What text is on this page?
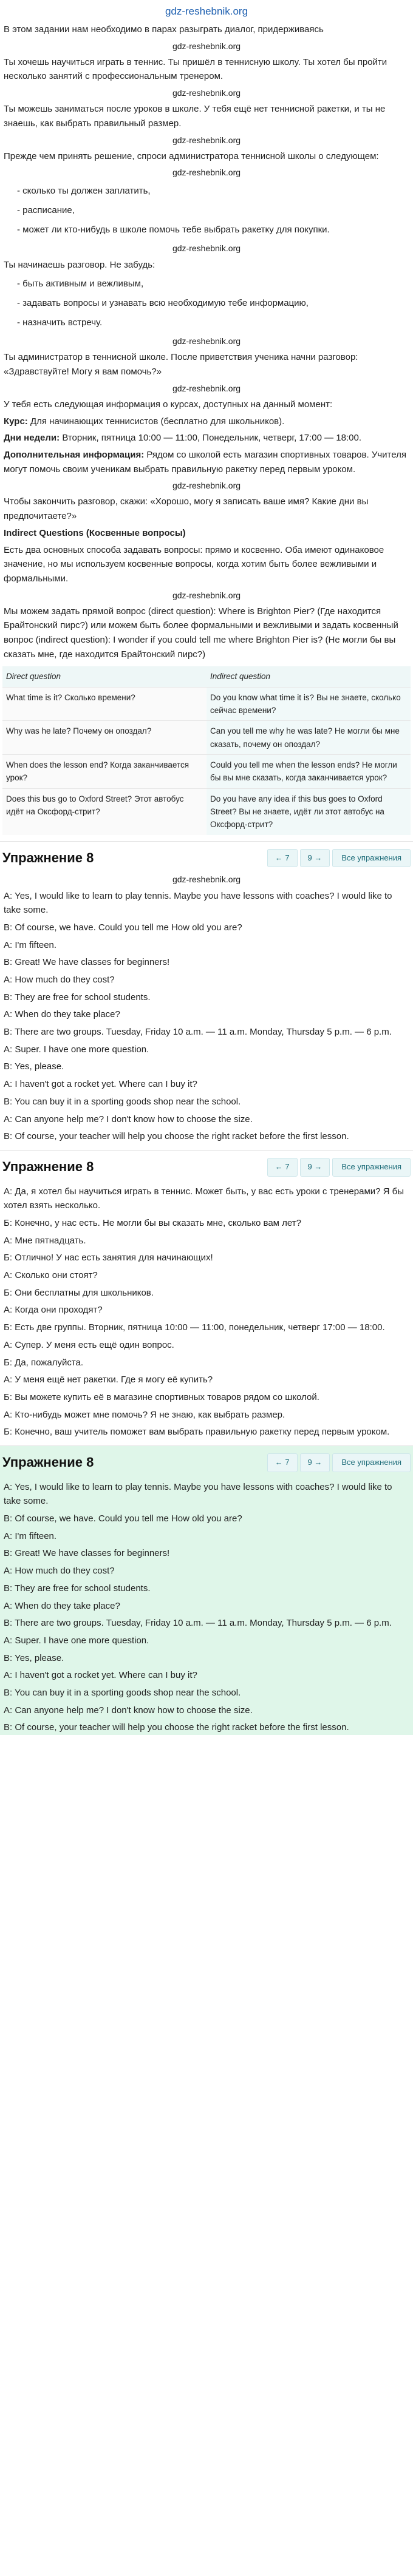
gdz-reshebnik.org

В этом задании нам необходимо в парах разыграть диалог, придерживаясь

gdz-reshebnik.org

Ты хочешь научиться играть в теннис. Ты пришёл в теннисную школу. Ты хотел бы пройти несколько занятий с профессиональным тренером.

gdz-reshebnik.org

Ты можешь заниматься после уроков в школе. У тебя ещё нет теннисной ракетки, и ты не знаешь, как выбрать правильный размер.

gdz-reshebnik.org

Прежде чем принять решение, спроси администратора теннисной школы о следующем:

gdz-reshebnik.org
- сколько ты должен заплатить,
- расписание,
- может ли кто-нибудь в школе помочь тебе выбрать ракетку для покупки.
gdz-reshebnik.org

Ты начинаешь разговор. Не забудь:

- быть активным и вежливым,
- задавать вопросы и узнавать всю необходимую тебе информацию,
- назначить встречу.
gdz-reshebnik.org

Ты администратор в теннисной школе. После приветствия ученика начни разговор: «Здравствуйте! Могу я вам помочь?»

gdz-reshebnik.org

У тебя есть следующая информация о курсах, доступных на данный момент:

Курс: Для начинающих теннисистов (бесплатно для школьников).

Дни недели: Вторник, пятница 10:00 — 11:00, Понедельник, четверг, 17:00 — 18:00.

Дополнительная информация: Рядом со школой есть магазин спортивных товаров. Учителя могут помочь своим ученикам выбрать правильную ракетку перед первым уроком.

gdz-reshebnik.org

Чтобы закончить разговор, скажи: «Хорошо, могу я записать ваше имя? Какие дни вы предпочитаете?»

Indirect Questions (Косвенные вопросы)

Есть два основных способа задавать вопросы: прямо и косвенно. Оба имеют одинаковое значение, но мы используем косвенные вопросы, когда хотим быть более вежливыми и формальными.

gdz-reshebnik.org

Мы можем задать прямой вопрос (direct question): Where is Brighton Pier? (Где находится Брайтонский пирс?) или можем быть более формальными и вежливыми и задать косвенный вопрос (indirect question): I wonder if you could tell me where Brighton Pier is? (Не могли бы вы сказать мне, где находится Брайтонский пирс?)

Direct question	Indirect question
What time is it? Сколько времени?	Do you know what time it is? Вы не знаете, сколько сейчас времени?
Why was he late? Почему он опоздал?	Can you tell me why he was late? Не могли бы мне сказать, почему он опоздал?
When does the lesson end? Когда заканчивается урок?	Could you tell me when the lesson ends? Не могли бы вы мне сказать, когда заканчивается урок?
Does this bus go to Oxford Street? Этот автобус идёт на Оксфорд-стрит?	Do you have any idea if this bus goes to Oxford Street? Вы не знаете, идёт ли этот автобус на Оксфорд-стрит?
Упражнение 8	← 7	9 →	Все упражнения
gdz-reshebnik.org

A: Yes, I would like to learn to play tennis. Maybe you have lessons with coaches? I would like to take some.

B: Of course, we have. Could you tell me How old you are?

A: I'm fifteen.

B: Great! We have classes for beginners!

A: How much do they cost?

B: They are free for school students.

A: When do they take place?

B: There are two groups. Tuesday, Friday 10 a.m. — 11 a.m. Monday, Thursday 5 p.m. — 6 p.m.

A: Super. I have one more question.

B: Yes, please.

A: I haven't got a rocket yet. Where can I buy it?

B: You can buy it in a sporting goods shop near the school.

A: Can anyone help me? I don't know how to choose the size.

B: Of course, your teacher will help you choose the right racket before the first lesson.

Упражнение 8	← 7	9 →	Все упражнения

А: Да, я хотел бы научиться играть в теннис. Может быть, у вас есть уроки с тренерами? Я бы хотел взять несколько.

Б: Конечно, у нас есть. Не могли бы вы сказать мне, сколько вам лет?

А: Мне пятнадцать.

Б: Отлично! У нас есть занятия для начинающих!

А: Сколько они стоят?

Б: Они бесплатны для школьников.

А: Когда они проходят?

Б: Есть две группы. Вторник, пятница 10:00 — 11:00, понедельник, четверг 17:00 — 18:00.

А: Супер. У меня есть ещё один вопрос.

Б: Да, пожалуйста.

А: У меня ещё нет ракетки. Где я могу её купить?

Б: Вы можете купить её в магазине спортивных товаров рядом со школой.

А: Кто-нибудь может мне помочь? Я не знаю, как выбрать размер.

Б: Конечно, ваш учитель поможет вам выбрать правильную ракетку перед первым уроком.

Упражнение 8	← 7	9 →	Все упражнения

A: Yes, I would like to learn to play tennis. Maybe you have lessons with coaches? I would like to take some.

B: Of course, we have. Could you tell me How old you are?

A: I'm fifteen.

B: Great! We have classes for beginners!

A: How much do they cost?

B: They are free for school students.

A: When do they take place?

B: There are two groups. Tuesday, Friday 10 a.m. — 11 a.m. Monday, Thursday 5 p.m. — 6 p.m.

A: Super. I have one more question.

B: Yes, please.

A: I haven't got a rocket yet. Where can I buy it?

B: You can buy it in a sporting goods shop near the school.

A: Can anyone help me? I don't know how to choose the size.

B: Of course, your teacher will help you choose the right racket before the first lesson.
